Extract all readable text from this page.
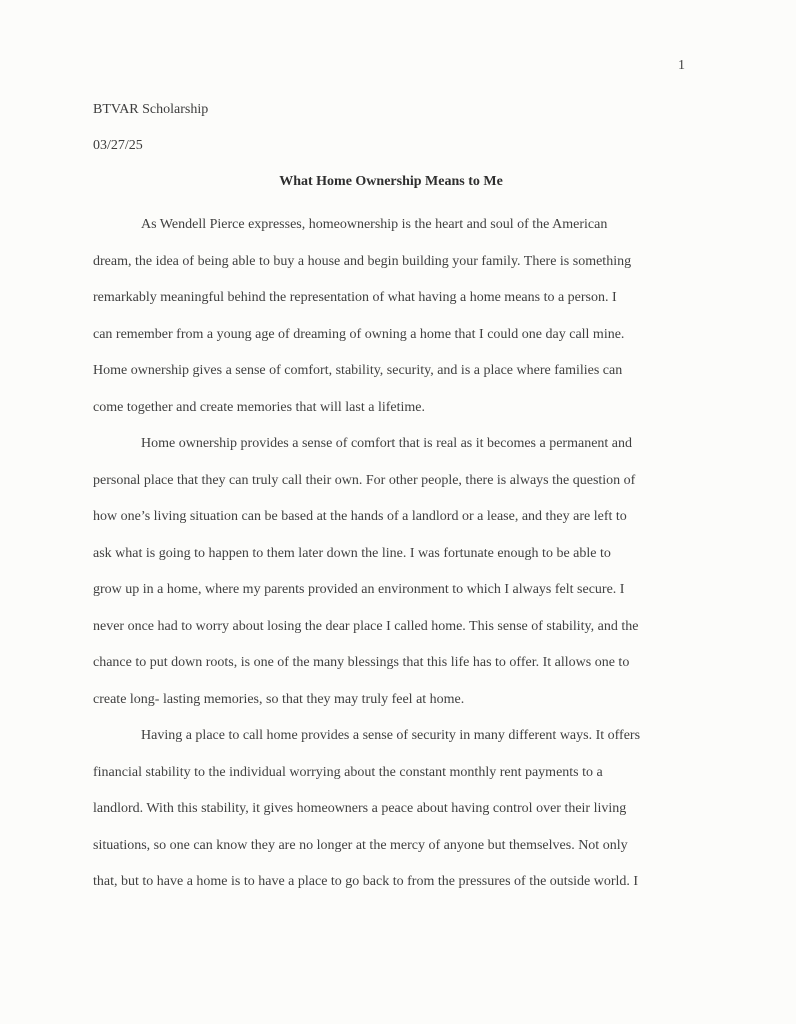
1
BTVAR Scholarship
03/27/25
What Home Ownership Means to Me
As Wendell Pierce expresses, homeownership is the heart and soul of the American
dream, the idea of being able to buy a house and begin building your family. There is something
remarkably meaningful behind the representation of what having a home means to a person. I
can remember from a young age of dreaming of owning a home that I could one day call mine.
Home ownership gives a sense of comfort, stability, security, and is a place where families can
come together and create memories that will last a lifetime.
Home ownership provides a sense of comfort that is real as it becomes a permanent and
personal place that they can truly call their own. For other people, there is always the question of
how one’s living situation can be based at the hands of a landlord or a lease, and they are left to
ask what is going to happen to them later down the line. I was fortunate enough to be able to
grow up in a home, where my parents provided an environment to which I always felt secure. I
never once had to worry about losing the dear place I called home. This sense of stability, and the
chance to put down roots, is one of the many blessings that this life has to offer. It allows one to
create long- lasting memories, so that they may truly feel at home.
Having a place to call home provides a sense of security in many different ways. It offers
financial stability to the individual worrying about the constant monthly rent payments to a
landlord. With this stability, it gives homeowners a peace about having control over their living
situations, so one can know they are no longer at the mercy of anyone but themselves. Not only
that, but to have a home is to have a place to go back to from the pressures of the outside world. I
